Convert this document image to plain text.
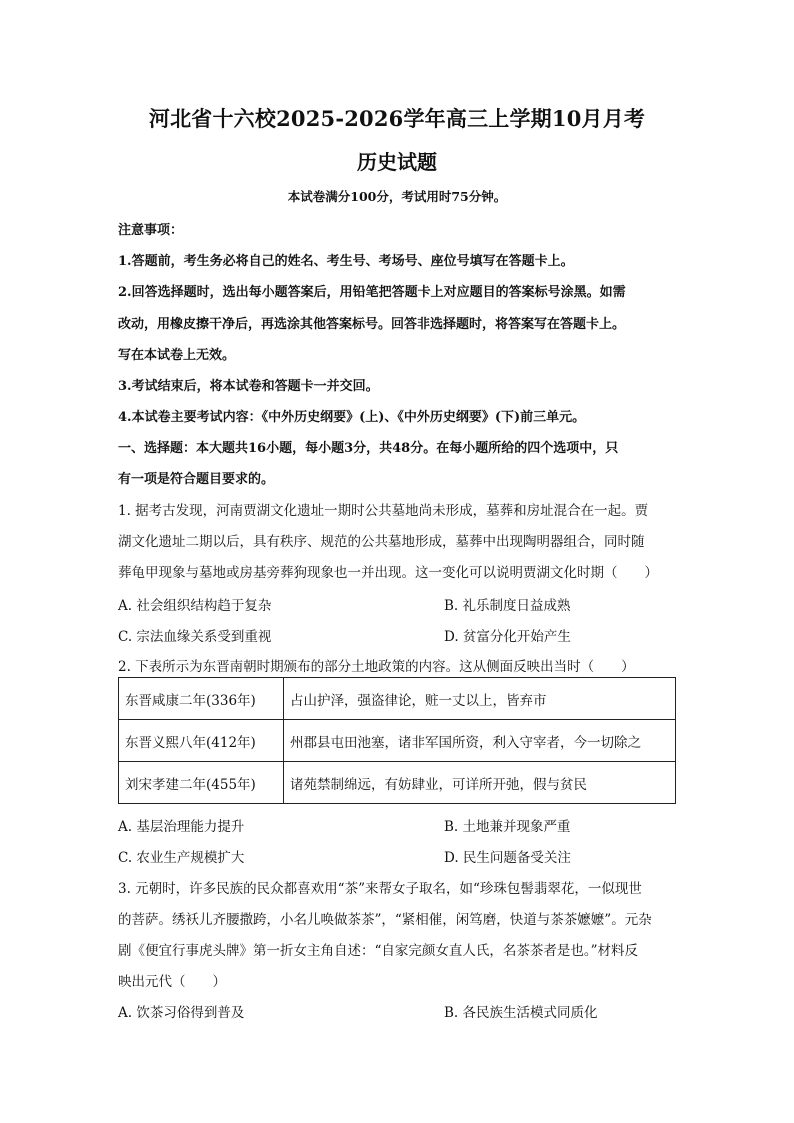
河北省十六校2025-2026学年高三上学期10月月考
历史试题
本试卷满分100分，考试用时75分钟。
注意事项：
1.答题前，考生务必将自己的姓名、考生号、考场号、座位号填写在答题卡上。
2.回答选择题时，选出每小题答案后，用铅笔把答题卡上对应题目的答案标号涂黑。如需
改动，用橡皮擦干净后，再选涂其他答案标号。回答非选择题时，将答案写在答题卡上。
写在本试卷上无效。
3.考试结束后，将本试卷和答题卡一并交回。
4.本试卷主要考试内容：《中外历史纲要》(上)、《中外历史纲要》(下)前三单元。
一、选择题：本大题共16小题，每小题3分，共48分。在每小题所给的四个选项中，只
有一项是符合题目要求的。
1. 据考古发现，河南贾湖文化遗址一期时公共墓地尚未形成，墓葬和房址混合在一起。贾
湖文化遗址二期以后，具有秩序、规范的公共墓地形成，墓葬中出现陶明器组合，同时随
葬龟甲现象与墓地或房基旁葬狗现象也一并出现。这一变化可以说明贾湖文化时期（　　）
A. 社会组织结构趋于复杂	B. 礼乐制度日益成熟
C. 宗法血缘关系受到重视	D. 贫富分化开始产生
2. 下表所示为东晋南朝时期颁布的部分土地政策的内容。这从侧面反映出当时（　　）
东晋咸康二年(336年)	占山护泽，强盗律论，赃一丈以上，皆弃市
东晋义熙八年(412年)	州郡县屯田池塞，诸非军国所资，利入守宰者，今一切除之
刘宋孝建二年(455年)	诸苑禁制绵远，有妨肆业，可详所开弛，假与贫民
A. 基层治理能力提升	B. 土地兼并现象严重
C. 农业生产规模扩大	D. 民生问题备受关注
3. 元朝时，许多民族的民众都喜欢用“茶”来帮女子取名，如“珍珠包髻翡翠花，一似现世
的菩萨。绣袄儿齐腰撒跨，小名儿唤做茶茶”，“紧相催，闲笃磨，快道与茶茶嬷嬷”。元杂
剧《便宜行事虎头牌》第一折女主角自述：“自家完颜女直人氏，名茶茶者是也。”材料反
映出元代（　　）
A. 饮茶习俗得到普及	B. 各民族生活模式同质化
